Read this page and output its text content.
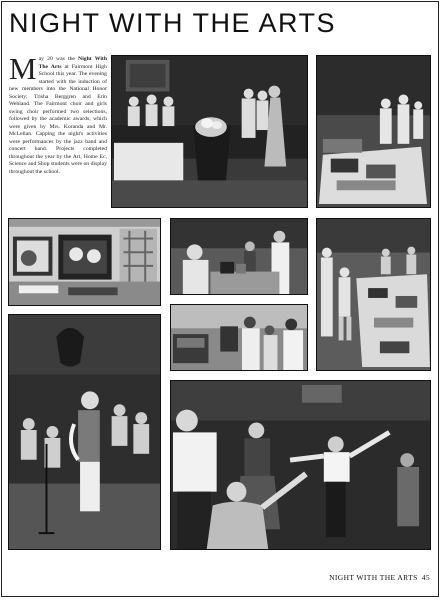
NIGHT WITH THE ARTS
May 20 was the Night With The Arts at Fairmont High School this year. The evening started with the induction of new members into the National Honor Society; Trisha Berggren and Erin Wehland. The Fairmont choir and girls swing choir performed two selections, followed by the academic awards, which were given by Mrs. Koranda and Mr. McLellan. Capping the night's activities were performances by the jazz band and concert band. Projects completed throughout the year by the Art, Home Ec, Science and Shop students were on display throughout the school.
NIGHT WITH THE ARTS 45
